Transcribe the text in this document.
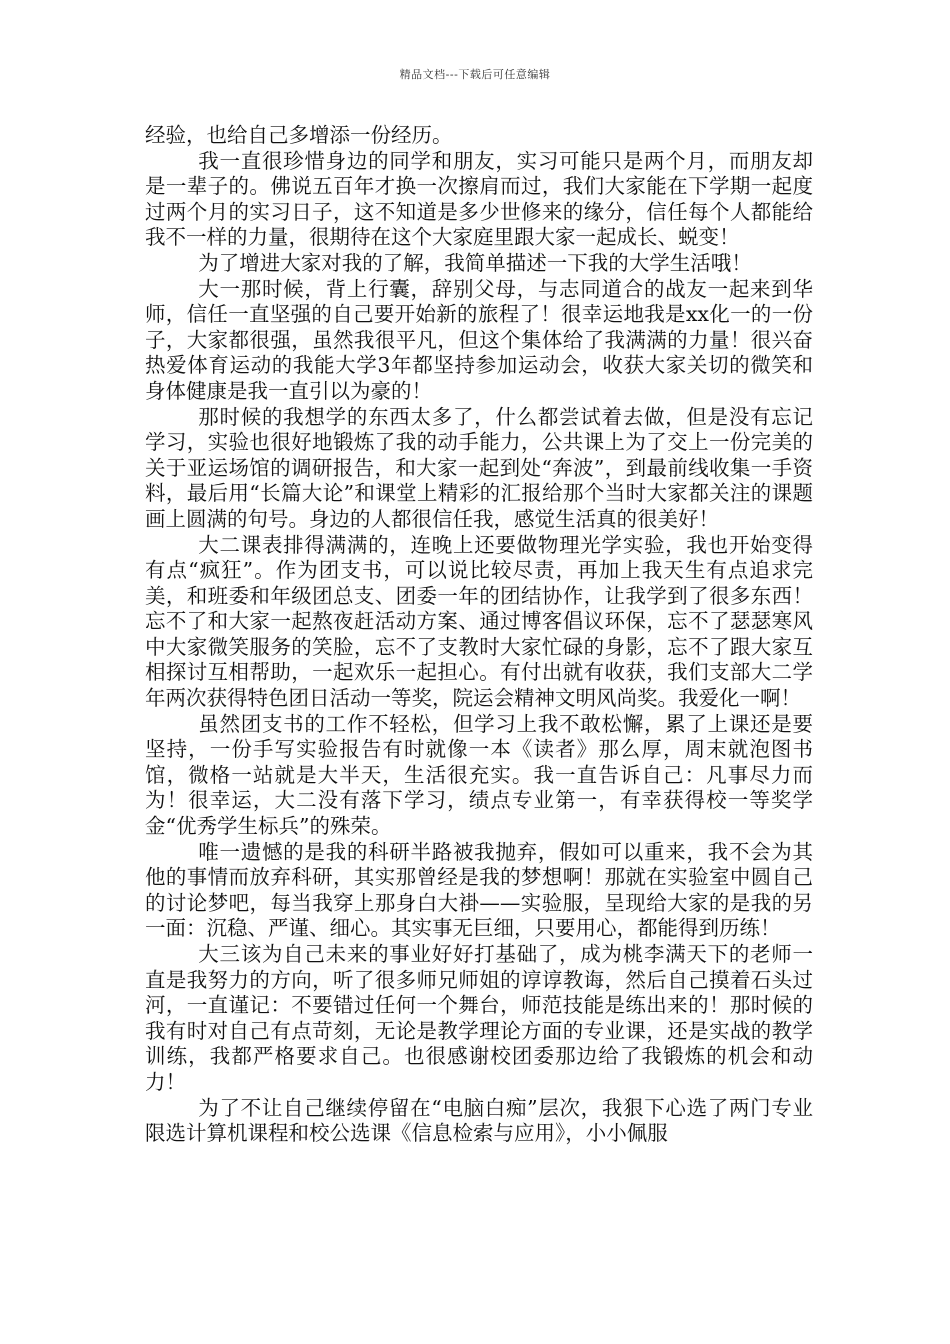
精品文档---下载后可任意编辑

经验，也给自己多增添一份经历。

我一直很珍惜身边的同学和朋友，实习可能只是两个月，而朋友却是一辈子的。佛说五百年才换一次擦肩而过，我们大家能在下学期一起度过两个月的实习日子，这不知道是多少世修来的缘分，信任每个人都能给我不一样的力量，很期待在这个大家庭里跟大家一起成长、蜕变！

为了增进大家对我的了解，我简单描述一下我的大学生活哦！

大一那时候，背上行囊，辞别父母，与志同道合的战友一起来到华师，信任一直坚强的自己要开始新的旅程了！很幸运地我是xx化一的一份子，大家都很强，虽然我很平凡，但这个集体给了我满满的力量！很兴奋热爱体育运动的我能大学3年都坚持参加运动会，收获大家关切的微笑和身体健康是我一直引以为豪的！

那时候的我想学的东西太多了，什么都尝试着去做，但是没有忘记学习，实验也很好地锻炼了我的动手能力，公共课上为了交上一份完美的关于亚运场馆的调研报告，和大家一起到处“奔波”，到最前线收集一手资料，最后用“长篇大论”和课堂上精彩的汇报给那个当时大家都关注的课题画上圆满的句号。身边的人都很信任我，感觉生活真的很美好！

大二课表排得满满的，连晚上还要做物理光学实验，我也开始变得有点“疯狂”。作为团支书，可以说比较尽责，再加上我天生有点追求完美，和班委和年级团总支、团委一年的团结协作，让我学到了很多东西！忘不了和大家一起熬夜赶活动方案、通过博客倡议环保，忘不了瑟瑟寒风中大家微笑服务的笑脸，忘不了支教时大家忙碌的身影，忘不了跟大家互相探讨互相帮助，一起欢乐一起担心。有付出就有收获，我们支部大二学年两次获得特色团日活动一等奖，院运会精神文明风尚奖。我爱化一啊！

虽然团支书的工作不轻松，但学习上我不敢松懈，累了上课还是要坚持，一份手写实验报告有时就像一本《读者》那么厚，周末就泡图书馆，微格一站就是大半天，生活很充实。我一直告诉自己：凡事尽力而为！很幸运，大二没有落下学习，绩点专业第一，有幸获得校一等奖学金“优秀学生标兵”的殊荣。

唯一遗憾的是我的科研半路被我抛弃，假如可以重来，我不会为其他的事情而放弃科研，其实那曾经是我的梦想啊！那就在实验室中圆自己的讨论梦吧，每当我穿上那身白大褂——实验服，呈现给大家的是我的另一面：沉稳、严谨、细心。其实事无巨细，只要用心，都能得到历练！

大三该为自己未来的事业好好打基础了，成为桃李满天下的老师一直是我努力的方向，听了很多师兄师姐的谆谆教诲，然后自己摸着石头过河，一直谨记：不要错过任何一个舞台，师范技能是练出来的！那时候的我有时对自己有点苛刻，无论是教学理论方面的专业课，还是实战的教学训练，我都严格要求自己。也很感谢校团委那边给了我锻炼的机会和动力！

为了不让自己继续停留在“电脑白痴”层次，我狠下心选了两门专业限选计算机课程和校公选课《信息检索与应用》，小小佩服
